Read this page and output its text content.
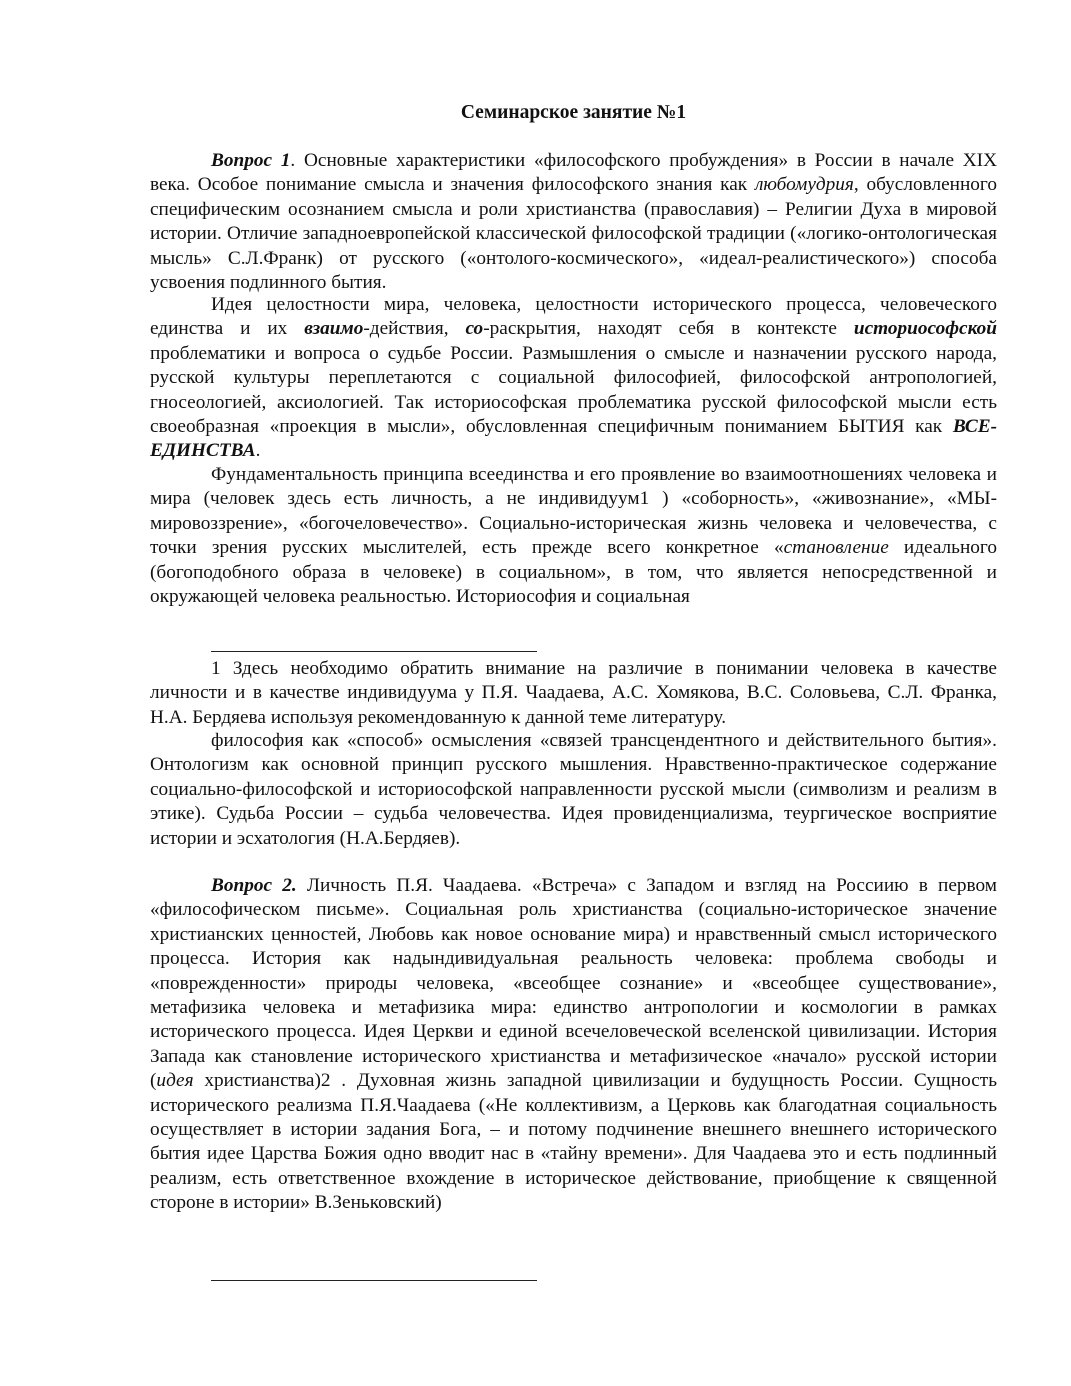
Семинарское занятие №1

Вопрос 1. Основные характеристики «философского пробуждения» в России в начале XIX века. Особое понимание смысла и значения философского знания как любомудрия, обусловленного специфическим осознанием смысла и роли христианства (православия) – Религии Духа в мировой истории. Отличие западноевропейской классической философской традиции («логико-онтологическая мысль» С.Л.Франк) от русского («онтолого-космического», «идеал-реалистического») способа усвоения подлинного бытия.

Идея целостности мира, человека, целостности исторического процесса, человеческого единства и их взаимо-действия, со-раскрытия, находят себя в контексте историософской проблематики и вопроса о судьбе России. Размышления о смысле и назначении русского народа, русской культуры переплетаются с социальной философией, философской антропологией, гносеологией, аксиологией. Так историософская проблематика русской философской мысли есть своеобразная «проекция в мысли», обусловленная специфичным пониманием БЫТИЯ как ВСЕ-ЕДИНСТВА.

Фундаментальность принципа всеединства и его проявление во взаимоотношениях человека и мира (человек здесь есть личность, а не индивидуум1 ) «соборность», «живознание», «МЫ-мировоззрение», «богочеловечество». Социально-историческая жизнь человека и человечества, с точки зрения русских мыслителей, есть прежде всего конкретное «становление идеального (богоподобного образа в человеке) в социальном», в том, что является непосредственной и окружающей человека реальностью. Историософия и социальная

1 Здесь необходимо обратить внимание на различие в понимании человека в качестве личности и в качестве индивидуума у П.Я. Чаадаева, А.С. Хомякова, В.С. Соловьева, С.Л. Франка, Н.А. Бердяева используя рекомендованную к данной теме литературу.

философия как «способ» осмысления «связей трансцендентного и действительного бытия». Онтологизм как основной принцип русского мышления. Нравственно-практическое содержание социально-философской и историософской направленности русской мысли (символизм и реализм в этике). Судьба России – судьба человечества. Идея провиденциализма, теургическое восприятие истории и эсхатология (Н.А.Бердяев).

Вопрос 2. Личность П.Я. Чаадаева. «Встреча» с Западом и взгляд на Россиию в первом «философическом письме». Социальная роль христианства (социально-историческое значение христианских ценностей, Любовь как новое основание мира) и нравственный смысл исторического процесса. История как надындивидуальная реальность человека: проблема свободы и «поврежденности» природы человека, «всеобщее сознание» и «всеобщее существование», метафизика человека и метафизика мира: единство антропологии и космологии в рамках исторического процесса. Идея Церкви и единой всечеловеческой вселенской цивилизации. История Запада как становление исторического христианства и метафизическое «начало» русской истории (идея христианства)2 . Духовная жизнь западной цивилизации и будущность России. Сущность исторического реализма П.Я.Чаадаева («Не коллективизм, а Церковь как благодатная социальность осуществляет в истории задания Бога, – и потому подчинение внешнего внешнего исторического бытия идее Царства Божия одно вводит нас в «тайну времени». Для Чаадаева это и есть подлинный реализм, есть ответственное вхождение в историческое действование, приобщение к священной стороне в истории» В.Зеньковский)
